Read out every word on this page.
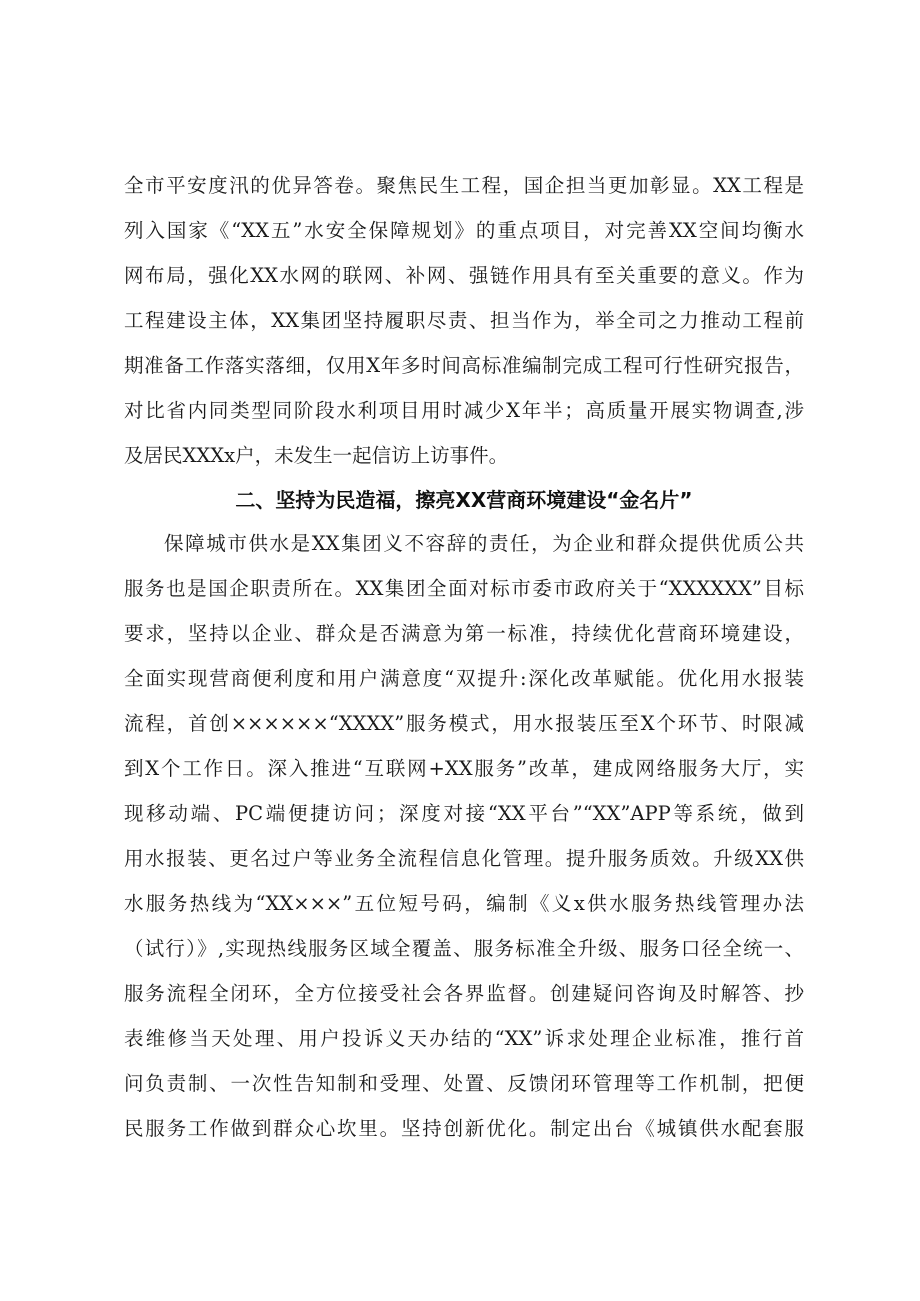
全市平安度汛的优异答卷。聚焦民生工程，国企担当更加彰显。XX工程是
列入国家《“XX五”水安全保障规划》的重点项目，对完善XX空间均衡水
网布局，强化XX水网的联网、补网、强链作用具有至关重要的意义。作为
工程建设主体，XX集团坚持履职尽责、担当作为，举全司之力推动工程前
期准备工作落实落细，仅用X年多时间高标准编制完成工程可行性研究报告，
对比省内同类型同阶段水利项目用时减少X年半；高质量开展实物调查,涉
及居民XXXx户，未发生一起信访上访事件。
二、坚持为民造福，擦亮XX营商环境建设“金名片”
保障城市供水是XX集团义不容辞的责任，为企业和群众提供优质公共
服务也是国企职责所在。XX集团全面对标市委市政府关于“XXXXXX”目标
要求，坚持以企业、群众是否满意为第一标准，持续优化营商环境建设，
全面实现营商便利度和用户满意度“双提升:深化改革赋能。优化用水报装
流程，首创××××××“XXXX”服务模式，用水报装压至X个环节、时限减
到X个工作日。深入推进“互联网+XX服务”改革，建成网络服务大厅，实
现移动端、PC端便捷访问；深度对接“XX平台”“XX”APP等系统，做到
用水报装、更名过户等业务全流程信息化管理。提升服务质效。升级XX供
水服务热线为“XX×××”五位短号码，编制《义x供水服务热线管理办法
（试行）》,实现热线服务区域全覆盖、服务标准全升级、服务口径全统一、
服务流程全闭环，全方位接受社会各界监督。创建疑问咨询及时解答、抄
表维修当天处理、用户投诉义天办结的“XX”诉求处理企业标准，推行首
问负责制、一次性告知制和受理、处置、反馈闭环管理等工作机制，把便
民服务工作做到群众心坎里。坚持创新优化。制定出台《城镇供水配套服
